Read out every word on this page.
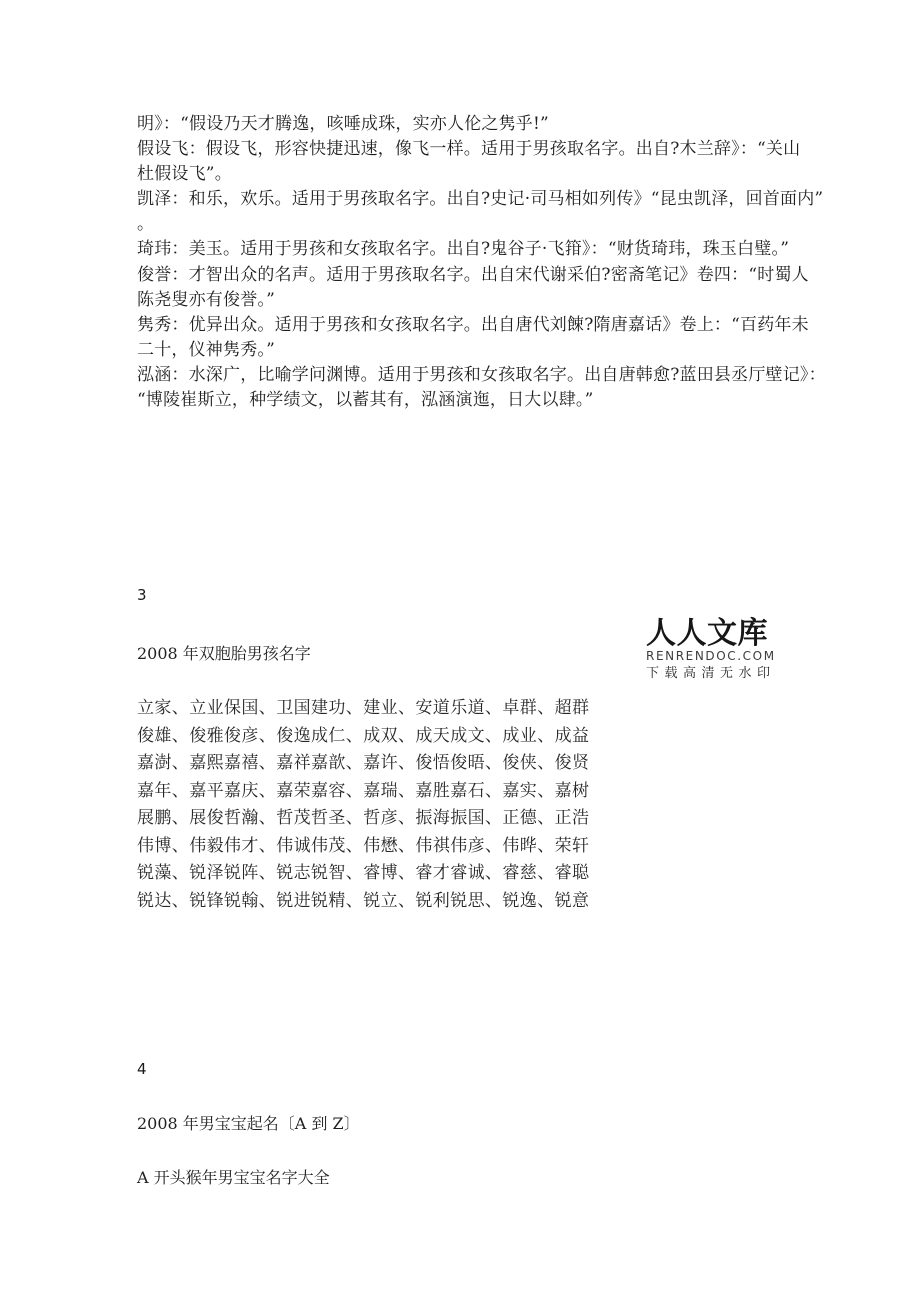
明》：“假设乃天才腾逸，咳唾成珠，实亦人伦之隽乎!”
假设飞：假设飞，形容快捷迅速，像飞一样。适用于男孩取名字。出自?木兰辞》：“关山
杜假设飞”。
凯泽：和乐，欢乐。适用于男孩取名字。出自?史记·司马相如列传》“昆虫凯泽，回首面内”
。
琦玮：美玉。适用于男孩和女孩取名字。出自?鬼谷子·飞箝》：“财货琦玮，珠玉白璧。”
俊誉：才智出众的名声。适用于男孩取名字。出自宋代谢采伯?密斋笔记》卷四：“时蜀人
陈尧叟亦有俊誉。”
隽秀：优异出众。适用于男孩和女孩取名字。出自唐代刘餗?隋唐嘉话》卷上：“百药年未
二十，仪神隽秀。”
泓涵：水深广，比喻学问渊博。适用于男孩和女孩取名字。出自唐韩愈?蓝田县丞厅壁记》：
“博陵崔斯立，种学绩文，以蓄其有，泓涵演迤，日大以肆。”
3
2008 年双胞胎男孩名字
人人文库
RENRENDOC.COM
下载高清无水印
立家、立业保国、卫国建功、建业、安道乐道、卓群、超群
俊雄、俊雅俊彦、俊逸成仁、成双、成天成文、成业、成益
嘉澍、嘉熙嘉禧、嘉祥嘉歆、嘉许、俊悟俊晤、俊侠、俊贤
嘉年、嘉平嘉庆、嘉荣嘉容、嘉瑞、嘉胜嘉石、嘉实、嘉树
展鹏、展俊哲瀚、哲茂哲圣、哲彦、振海振国、正德、正浩
伟博、伟毅伟才、伟诚伟茂、伟懋、伟祺伟彦、伟晔、荣轩
锐藻、锐泽锐阵、锐志锐智、睿博、睿才睿诚、睿慈、睿聪
锐达、锐锋锐翰、锐进锐精、锐立、锐利锐思、锐逸、锐意
4
2008 年男宝宝起名〔A 到 Z〕
A 开头猴年男宝宝名字大全
